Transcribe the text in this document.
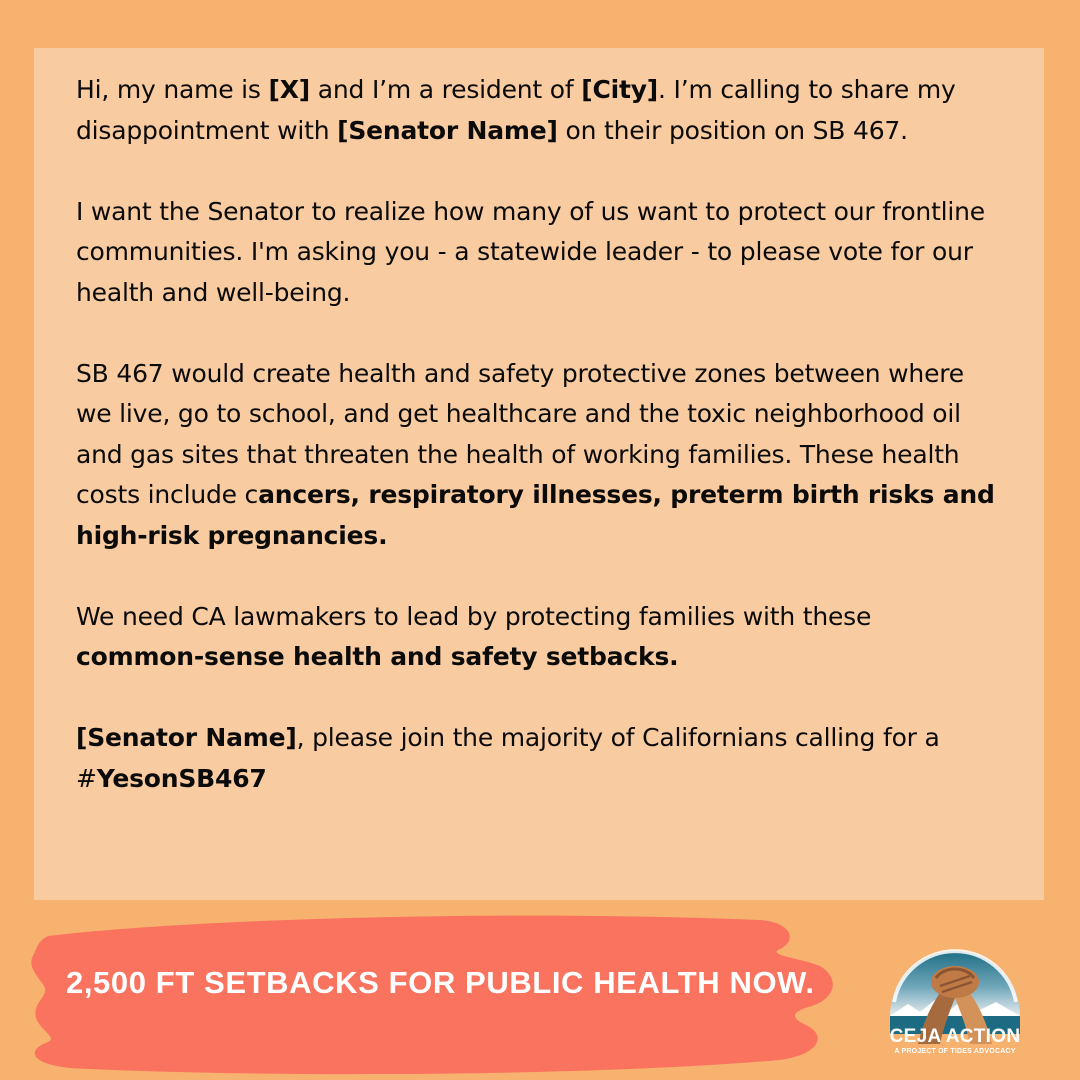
Hi, my name is [X] and I’m a resident of [City]. I’m calling to share my disappointment with [Senator Name] on their position on SB 467.

I want the Senator to realize how many of us want to protect our frontline communities. I'm asking you - a statewide leader - to please vote for our health and well-being.

SB 467 would create health and safety protective zones between where we live, go to school, and get healthcare and the toxic neighborhood oil and gas sites that threaten the health of working families. These health costs include cancers, respiratory illnesses, preterm birth risks and high-risk pregnancies.

We need CA lawmakers to lead by protecting families with these common-sense health and safety setbacks.

[Senator Name], please join the majority of Californians calling for a #YesonSB467

2,500 FT SETBACKS FOR PUBLIC HEALTH NOW.
CEJA ACTION
A PROJECT OF TIDES ADVOCACY
